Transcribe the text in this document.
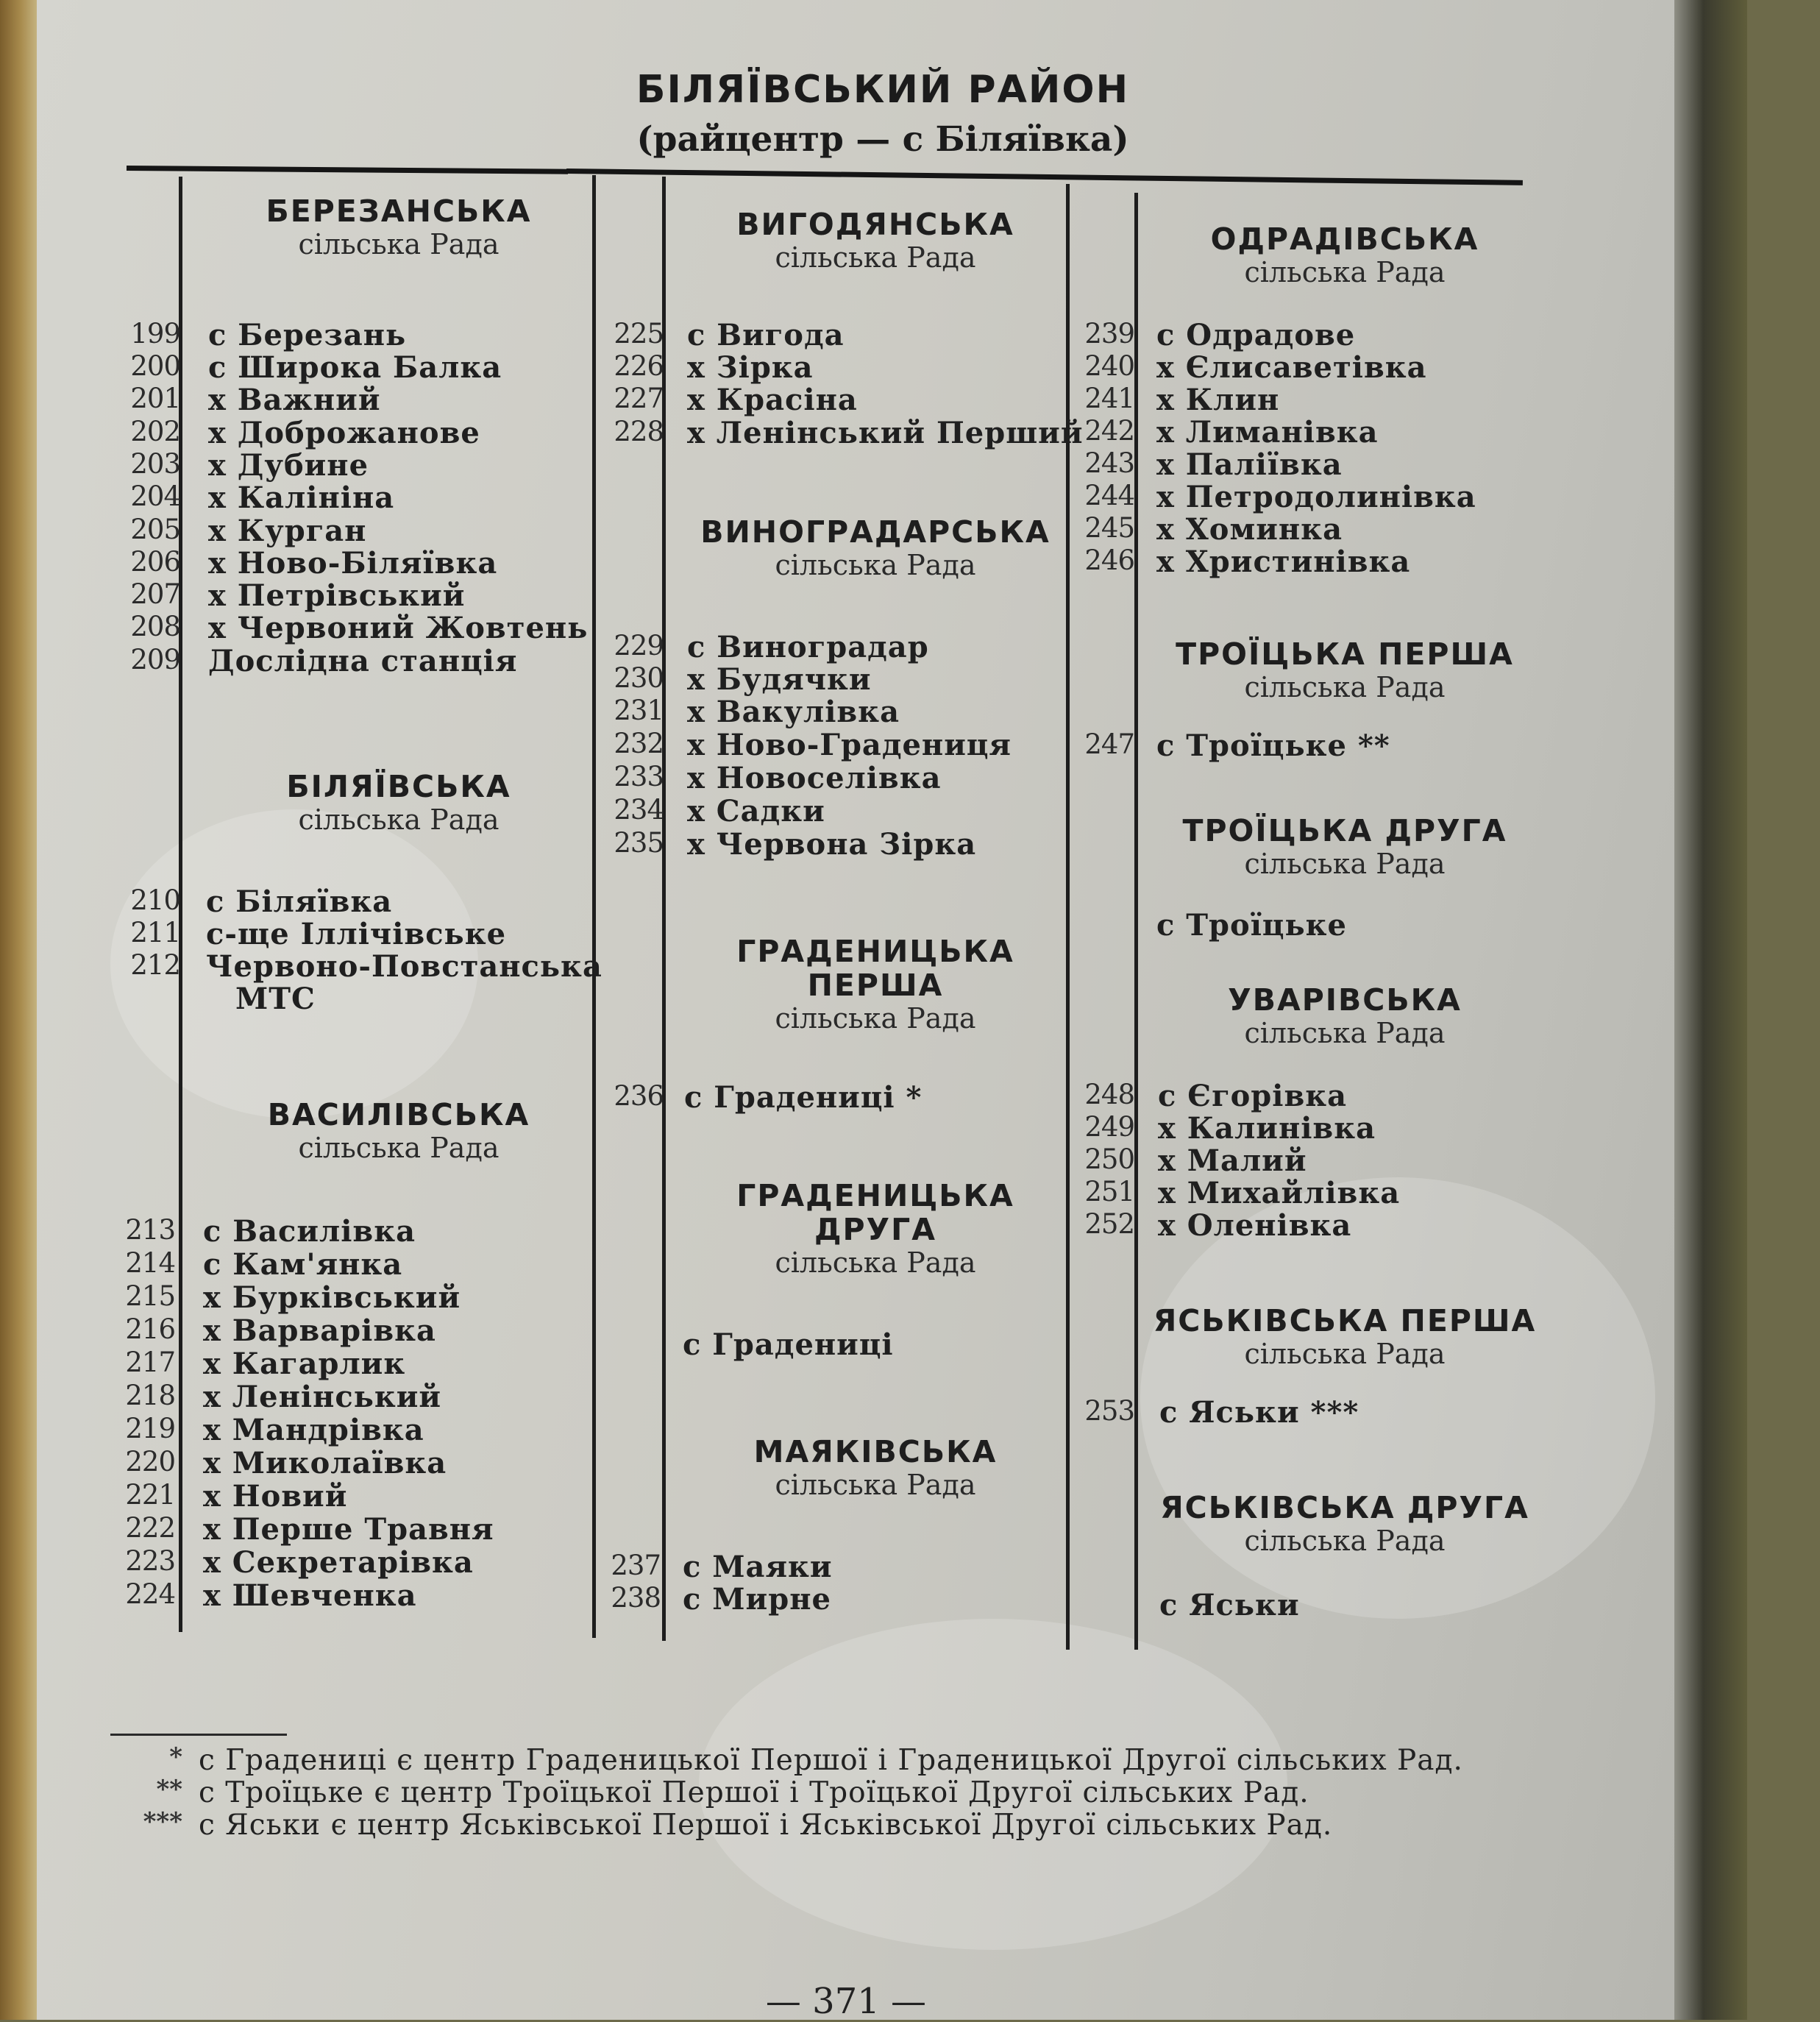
БІЛЯЇВСЬКИЙ РАЙОН
(райцентр — с Біляївка)
БЕРЕЗАНСЬКА
сільська Рада
199 с Березань
200 с Широка Балка
201 х Важний
202 х Доброжанове
203 х Дубине
204 х Калініна
205 х Курган
206 х Ново-Біляївка
207 х Петрівський
208 х Червоний Жовтень
209 Дослідна станція
БІЛЯЇВСЬКА
сільська Рада
210 с Біляївка
211 с-ще Іллічівське
212 Червоно-Повстанська
МТС
ВАСИЛІВСЬКА
сільська Рада
213 с Василівка
214 с Кам'янка
215 х Бурківський
216 х Варварівка
217 х Кагарлик
218 х Ленінський
219 х Мандрівка
220 х Миколаївка
221 х Новий
222 х Перше Травня
223 х Секретарівка
224 х Шевченка
ВИГОДЯНСЬКА
сільська Рада
225 с Вигода
226 х Зірка
227 х Красіна
228 х Ленінський Перший
ВИНОГРАДАРСЬКА
сільська Рада
229 с Виноградар
230 х Будячки
231 х Вакулівка
232 х Ново-Градениця
233 х Новоселівка
234 х Садки
235 х Червона Зірка
ГРАДЕНИЦЬКА
ПЕРША
сільська Рада
236 с Градениці *
ГРАДЕНИЦЬКА
ДРУГА
сільська Рада
с Градениці
МАЯКІВСЬКА
сільська Рада
237 с Маяки
238 с Мирне
ОДРАДІВСЬКА
сільська Рада
239 с Одрадове
240 х Єлисаветівка
241 х Клин
242 х Лиманівка
243 х Паліївка
244 х Петродолинівка
245 х Хоминка
246 х Христинівка
ТРОЇЦЬКА ПЕРША
сільська Рада
247 с Троїцьке **
ТРОЇЦЬКА ДРУГА
сільська Рада
с Троїцьке
УВАРІВСЬКА
сільська Рада
248 с Єгорівка
249 х Калинівка
250 х Малий
251 х Михайлівка
252 х Оленівка
ЯСЬКІВСЬКА ПЕРША
сільська Рада
253 с Яськи ***
ЯСЬКІВСЬКА ДРУГА
сільська Рада
с Яськи
* с Градениці є центр Граденицької Першої і Граденицької Другої сільських Рад.
** с Троїцьке є центр Троїцької Першої і Троїцької Другої сільських Рад.
*** с Яськи є центр Яськівської Першої і Яськівської Другої сільських Рад.
— 371 —
